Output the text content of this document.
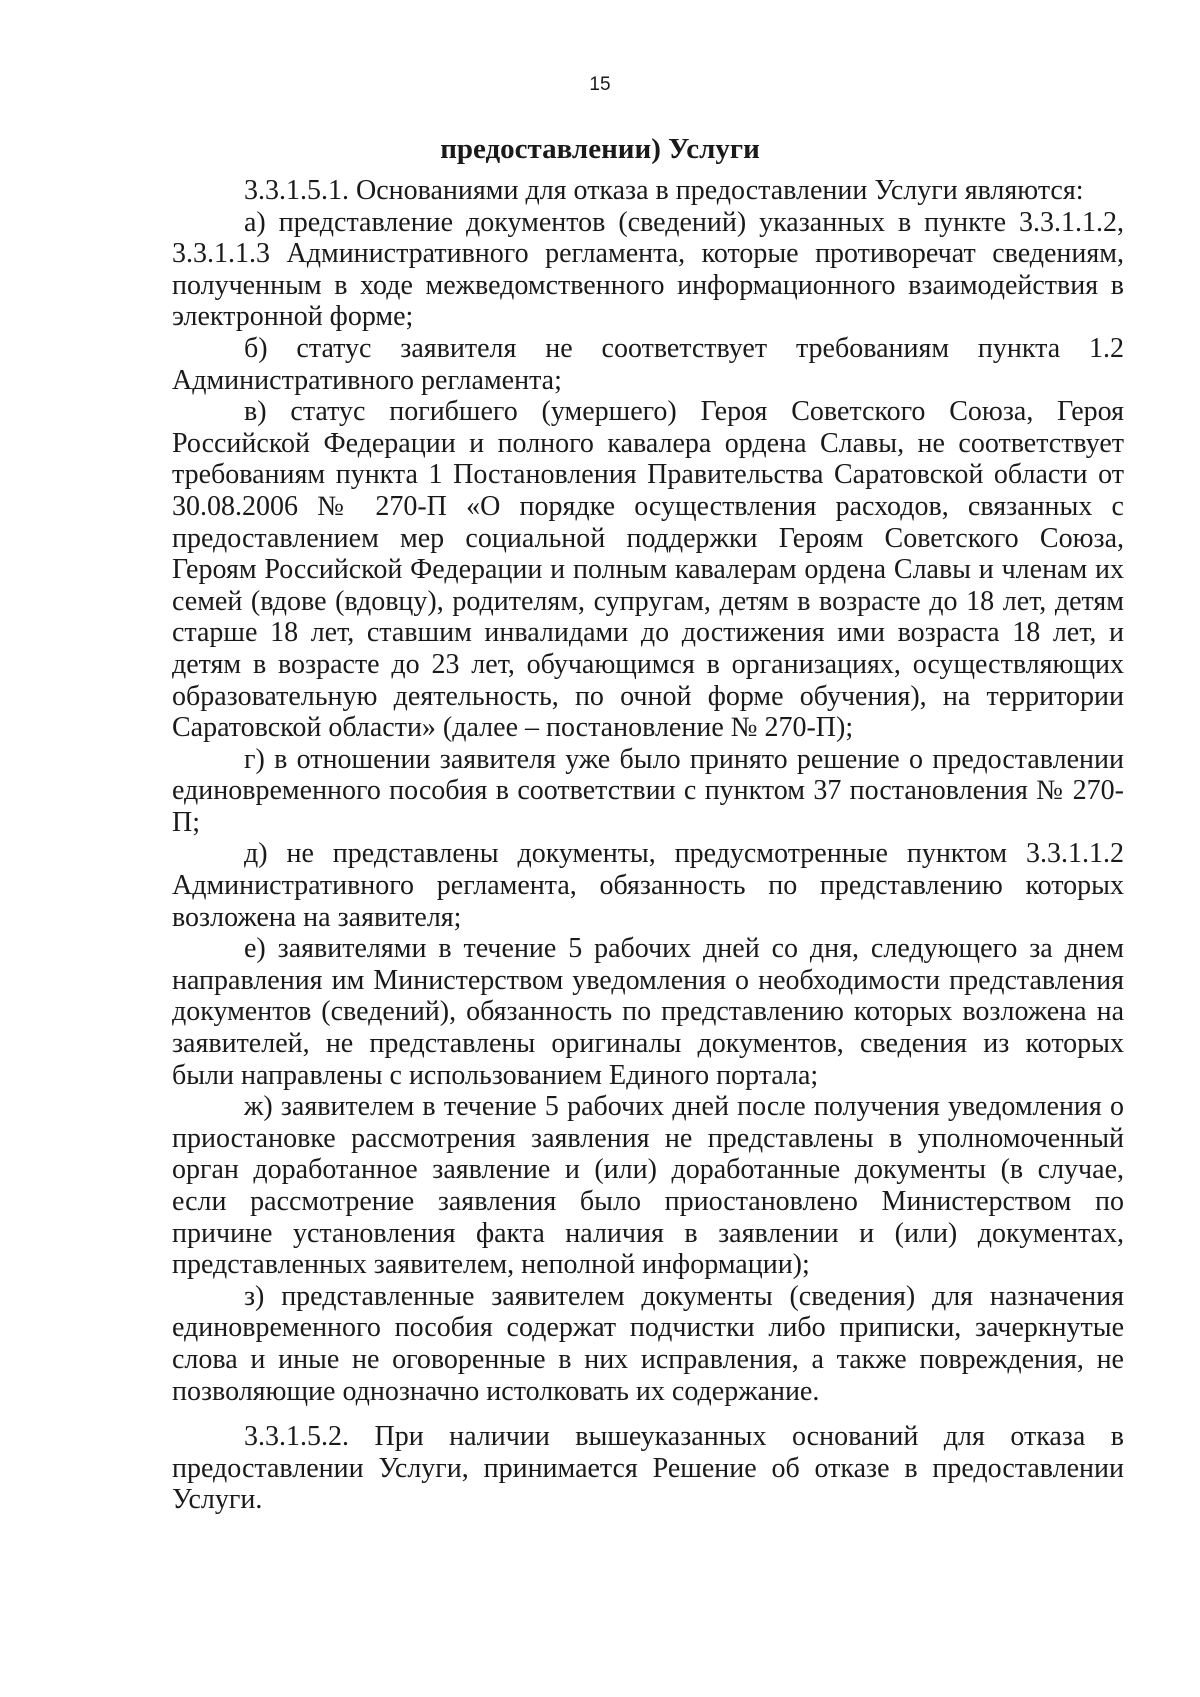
15
предоставлении) Услуги

3.3.1.5.1. Основаниями для отказа в предоставлении Услуги являются:

а) представление документов (сведений) указанных в пункте 3.3.1.1.2, 3.3.1.1.3 Административного регламента, которые противоречат сведениям, полученным в ходе межведомственного информационного взаимодействия в электронной форме;

б) статус заявителя не соответствует требованиям пункта 1.2 Административного регламента;

в) статус погибшего (умершего) Героя Советского Союза, Героя Российской Федерации и полного кавалера ордена Славы, не соответствует требованиям пункта 1 Постановления Правительства Саратовской области от 30.08.2006 № 270-П «О порядке осуществления расходов, связанных с предоставлением мер социальной поддержки Героям Советского Союза, Героям Российской Федерации и полным кавалерам ордена Славы и членам их семей (вдове (вдовцу), родителям, супругам, детям в возрасте до 18 лет, детям старше 18 лет, ставшим инвалидами до достижения ими возраста 18 лет, и детям в возрасте до 23 лет, обучающимся в организациях, осуществляющих образовательную деятельность, по очной форме обучения), на территории Саратовской области» (далее – постановление № 270-П);

г) в отношении заявителя уже было принято решение о предоставлении единовременного пособия в соответствии с пунктом 37 постановления № 270-П;

д) не представлены документы, предусмотренные пунктом 3.3.1.1.2 Административного регламента, обязанность по представлению которых возложена на заявителя;

е) заявителями в течение 5 рабочих дней со дня, следующего за днем направления им Министерством уведомления о необходимости представления документов (сведений), обязанность по представлению которых возложена на заявителей, не представлены оригиналы документов, сведения из которых были направлены с использованием Единого портала;

ж) заявителем в течение 5 рабочих дней после получения уведомления о приостановке рассмотрения заявления не представлены в уполномоченный орган доработанное заявление и (или) доработанные документы (в случае, если рассмотрение заявления было приостановлено Министерством по причине установления факта наличия в заявлении и (или) документах, представленных заявителем, неполной информации);

з) представленные заявителем документы (сведения) для назначения единовременного пособия содержат подчистки либо приписки, зачеркнутые слова и иные не оговоренные в них исправления, а также повреждения, не позволяющие однозначно истолковать их содержание.

3.3.1.5.2. При наличии вышеуказанных оснований для отказа в предоставлении Услуги, принимается Решение об отказе в предоставлении Услуги.
